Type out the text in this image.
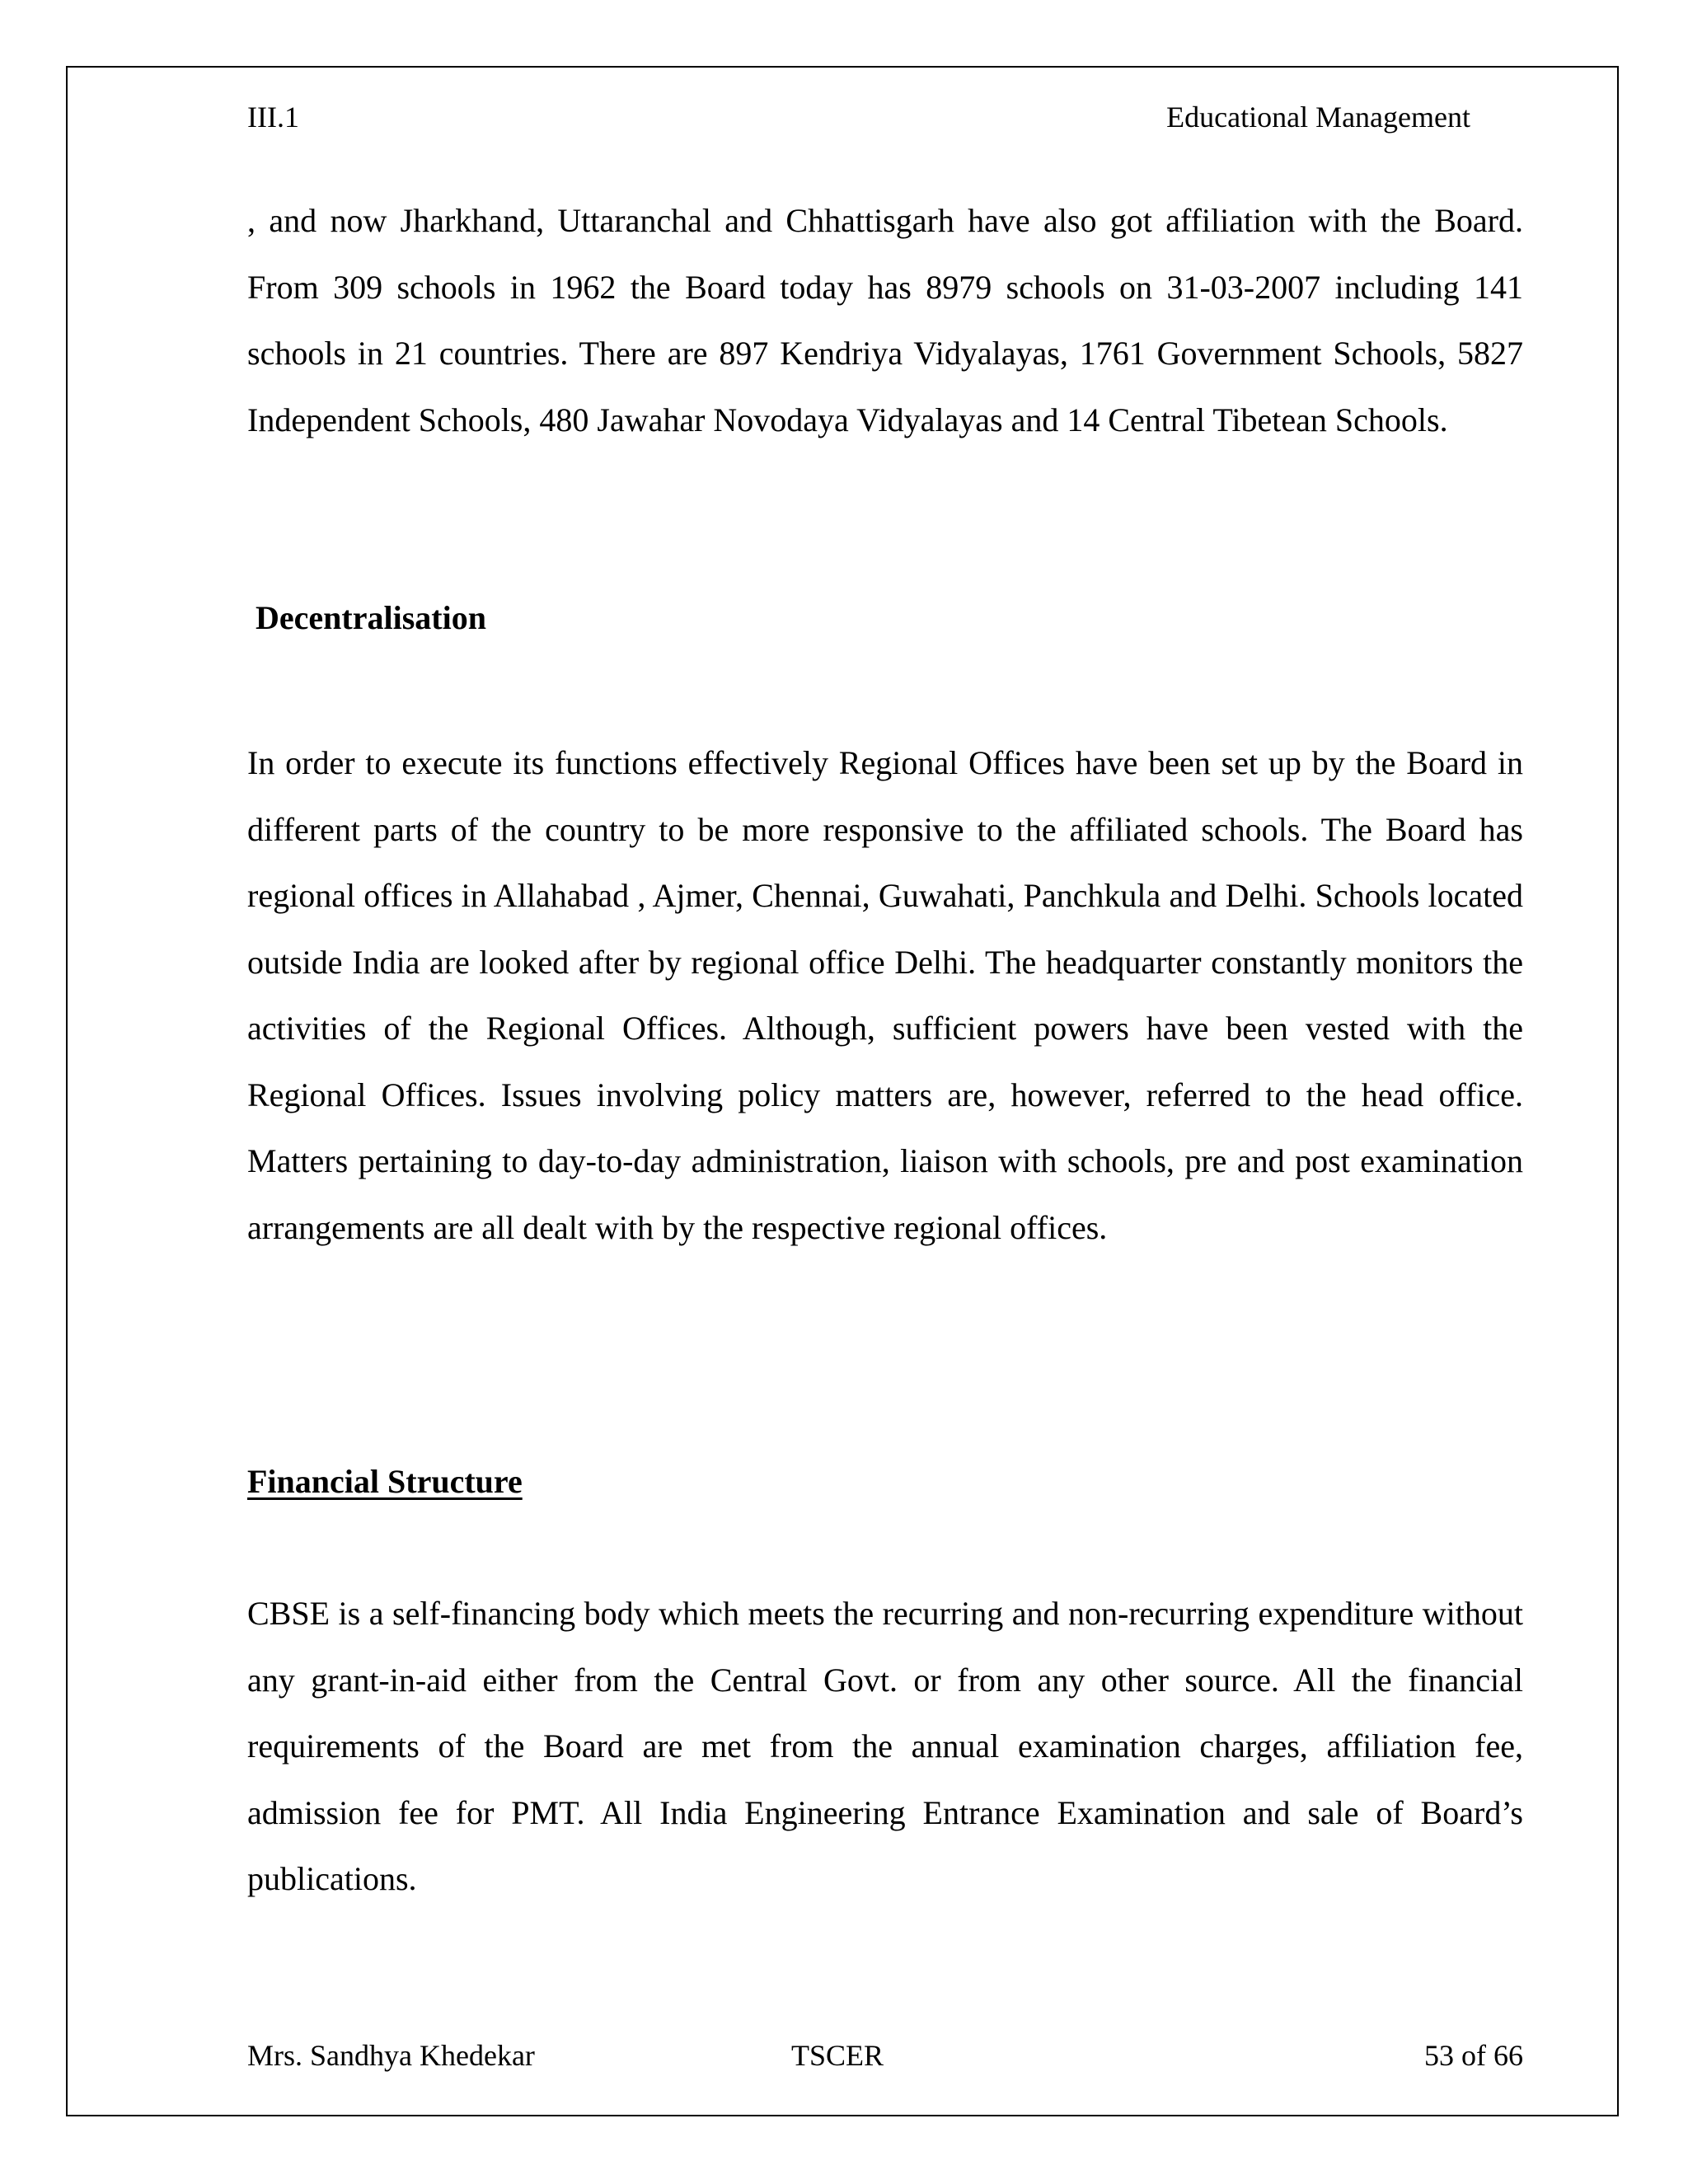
III.1	Educational Management

, and now Jharkhand, Uttaranchal and Chhattisgarh have also got affiliation with the Board. From 309 schools in 1962 the Board today has 8979 schools on 31-03-2007 including 141 schools in 21 countries. There are 897 Kendriya Vidyalayas, 1761 Government Schools, 5827 Independent Schools, 480 Jawahar Novodaya Vidyalayas and 14 Central Tibetean Schools.

Decentralisation

In order to execute its functions effectively Regional Offices have been set up by the Board in different parts of the country to be more responsive to the affiliated schools. The Board has regional offices in Allahabad , Ajmer, Chennai, Guwahati, Panchkula and Delhi. Schools located outside India are looked after by regional office Delhi. The headquarter constantly monitors the activities of the Regional Offices. Although, sufficient powers have been vested with the Regional Offices. Issues involving policy matters are, however, referred to the head office. Matters pertaining to day-to-day administration, liaison with schools, pre and post examination arrangements are all dealt with by the respective regional offices.

Financial Structure

CBSE is a self-financing body which meets the recurring and non-recurring expenditure without any grant-in-aid either from the Central Govt. or from any other source. All the financial requirements of the Board are met from the annual examination charges, affiliation fee, admission fee for PMT. All India Engineering Entrance Examination and sale of Board’s publications.

Mrs. Sandhya Khedekar	TSCER	53 of 66
